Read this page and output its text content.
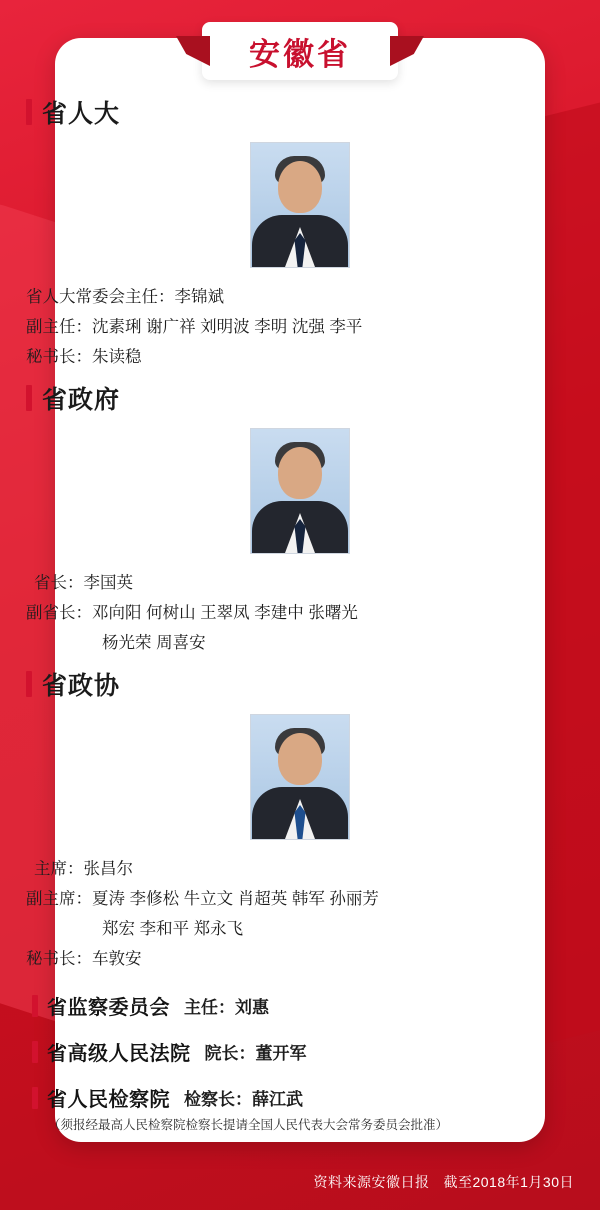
安徽省
省人大
省人大常委会主任：李锦斌
副主任：沈素琍 谢广祥 刘明波 李明 沈强 李平
秘书长：朱读稳
省政府
省长：李国英
副省长：邓向阳 何树山 王翠凤 李建中 张曙光
杨光荣 周喜安
省政协
主席：张昌尔
副主席：夏涛 李修松 牛立文 肖超英 韩军 孙丽芳
郑宏 李和平 郑永飞
秘书长：车敦安
省监察委员会 主任：刘惠
省高级人民法院 院长：董开军
省人民检察院 检察长：薛江武
（须报经最高人民检察院检察长提请全国人民代表大会常务委员会批准）
资料来源安徽日报 截至2018年1月30日
